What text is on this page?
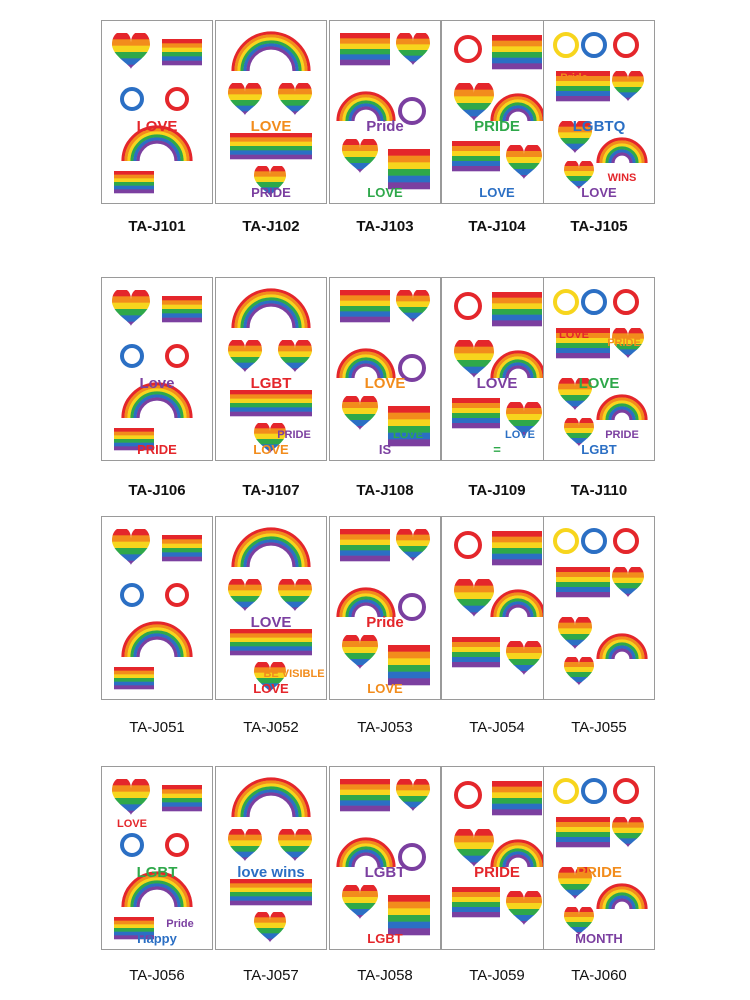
LOVE
TA-J101
LOVE
PRIDE
TA-J102
Pride
LOVE
TA-J103
PRIDE
LOVE
TA-J104
LGBTQ
LOVE
WINS
Pride
TA-J105
Love
PRIDE
TA-J106
LGBT
LOVE
PRIDE
TA-J107
LOVE
IS
LOVE
TA-J108
LOVE
=
LOVE
TA-J109
LOVE
LGBT
PRIDE
LOVE
PRIDE
TA-J110
TA-J051
LOVE
LOVE
BE VISIBLE
TA-J052
Pride
LOVE
TA-J053	TA-J054	TA-J055
LGBT
Happy
Pride
LOVE
TA-J056
love wins
TA-J057
LGBT
LGBT
TA-J058
PRIDE
TA-J059
PRIDE
MONTH
TA-J060
